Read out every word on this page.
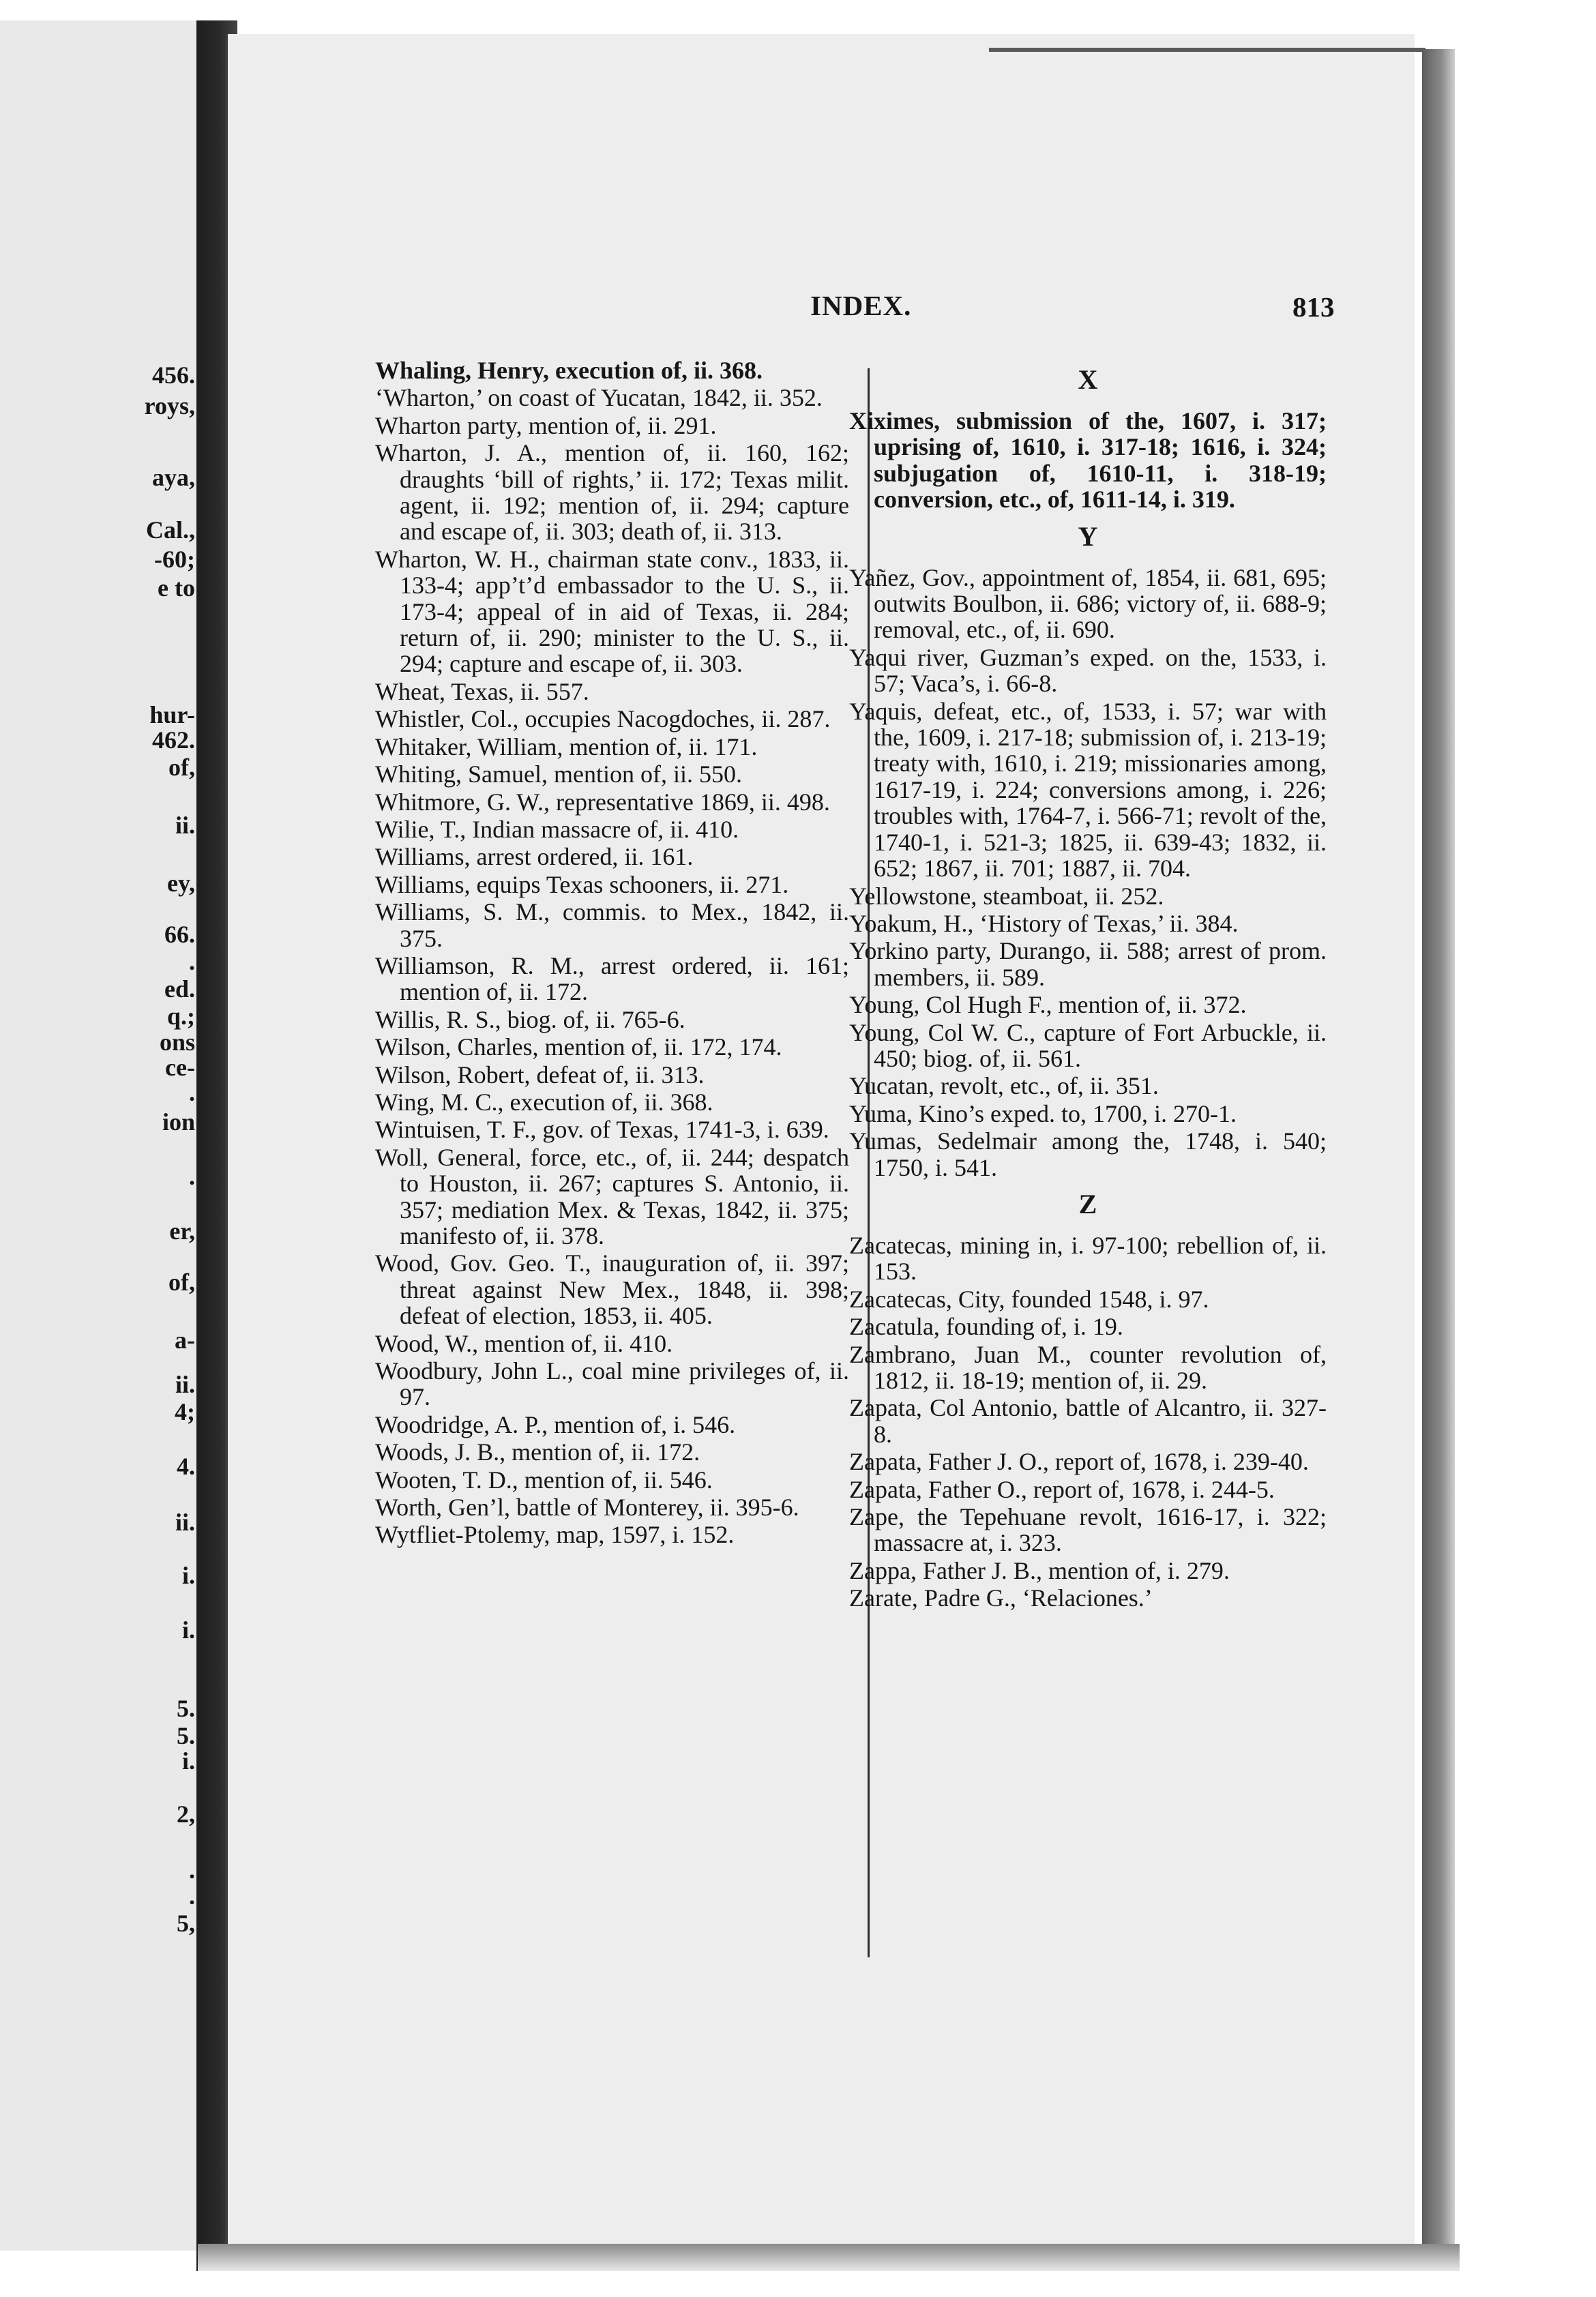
456.
roys,
aya,
Cal.,
-60;
e to
hur-
462.
of,
ii.
ey,
66.
.
ed.
q.;
ons
ce-
.
ion
.
er,
of,
a-
ii.
4;
4.
ii.
i.
i.
5.
5.
i.
2,
.
.
5,
INDEX.	813
Whaling, Henry, execution of, ii. 368.
‘Wharton,’ on coast of Yucatan, 1842, ii. 352.
Wharton party, mention of, ii. 291.
Wharton, J. A., mention of, ii. 160, 162; draughts ‘bill of rights,’ ii. 172; Texas milit. agent, ii. 192; mention of, ii. 294; capture and escape of, ii. 303; death of, ii. 313.
Wharton, W. H., chairman state conv., 1833, ii. 133-4; app’t’d embassador to the U. S., ii. 173-4; appeal of in aid of Texas, ii. 284; return of, ii. 290; minister to the U. S., ii. 294; capture and escape of, ii. 303.
Wheat, Texas, ii. 557.
Whistler, Col., occupies Nacogdoches, ii. 287.
Whitaker, William, mention of, ii. 171.
Whiting, Samuel, mention of, ii. 550.
Whitmore, G. W., representative 1869, ii. 498.
Wilie, T., Indian massacre of, ii. 410.
Williams, arrest ordered, ii. 161.
Williams, equips Texas schooners, ii. 271.
Williams, S. M., commis. to Mex., 1842, ii. 375.
Williamson, R. M., arrest ordered, ii. 161; mention of, ii. 172.
Willis, R. S., biog. of, ii. 765-6.
Wilson, Charles, mention of, ii. 172, 174.
Wilson, Robert, defeat of, ii. 313.
Wing, M. C., execution of, ii. 368.
Wintuisen, T. F., gov. of Texas, 1741-3, i. 639.
Woll, General, force, etc., of, ii. 244; despatch to Houston, ii. 267; captures S. Antonio, ii. 357; mediation Mex. & Texas, 1842, ii. 375; manifesto of, ii. 378.
Wood, Gov. Geo. T., inauguration of, ii. 397; threat against New Mex., 1848, ii. 398; defeat of election, 1853, ii. 405.
Wood, W., mention of, ii. 410.
Woodbury, John L., coal mine privileges of, ii. 97.
Woodridge, A. P., mention of, i. 546.
Woods, J. B., mention of, ii. 172.
Wooten, T. D., mention of, ii. 546.
Worth, Gen’l, battle of Monterey, ii. 395-6.
Wytfliet-Ptolemy, map, 1597, i. 152.
X
Xiximes, submission of the, 1607, i. 317; uprising of, 1610, i. 317-18; 1616, i. 324; subjugation of, 1610-11, i. 318-19; conversion, etc., of, 1611-14, i. 319.
Y
Yañez, Gov., appointment of, 1854, ii. 681, 695; outwits Boulbon, ii. 686; victory of, ii. 688-9; removal, etc., of, ii. 690.
Yaqui river, Guzman’s exped. on the, 1533, i. 57; Vaca’s, i. 66-8.
Yaquis, defeat, etc., of, 1533, i. 57; war with the, 1609, i. 217-18; submission of, i. 213-19; treaty with, 1610, i. 219; missionaries among, 1617-19, i. 224; conversions among, i. 226; troubles with, 1764-7, i. 566-71; revolt of the, 1740-1, i. 521-3; 1825, ii. 639-43; 1832, ii. 652; 1867, ii. 701; 1887, ii. 704.
Yellowstone, steamboat, ii. 252.
Yoakum, H., ‘History of Texas,’ ii. 384.
Yorkino party, Durango, ii. 588; arrest of prom. members, ii. 589.
Young, Col Hugh F., mention of, ii. 372.
Young, Col W. C., capture of Fort Arbuckle, ii. 450; biog. of, ii. 561.
Yucatan, revolt, etc., of, ii. 351.
Yuma, Kino’s exped. to, 1700, i. 270-1.
Yumas, Sedelmair among the, 1748, i. 540; 1750, i. 541.
Z
Zacatecas, mining in, i. 97-100; rebellion of, ii. 153.
Zacatecas, City, founded 1548, i. 97.
Zacatula, founding of, i. 19.
Zambrano, Juan M., counter revolution of, 1812, ii. 18-19; mention of, ii. 29.
Zapata, Col Antonio, battle of Alcantro, ii. 327-8.
Zapata, Father J. O., report of, 1678, i. 239-40.
Zapata, Father O., report of, 1678, i. 244-5.
Zape, the Tepehuane revolt, 1616-17, i. 322; massacre at, i. 323.
Zappa, Father J. B., mention of, i. 279.
Zarate, Padre G., ‘Relaciones.’
